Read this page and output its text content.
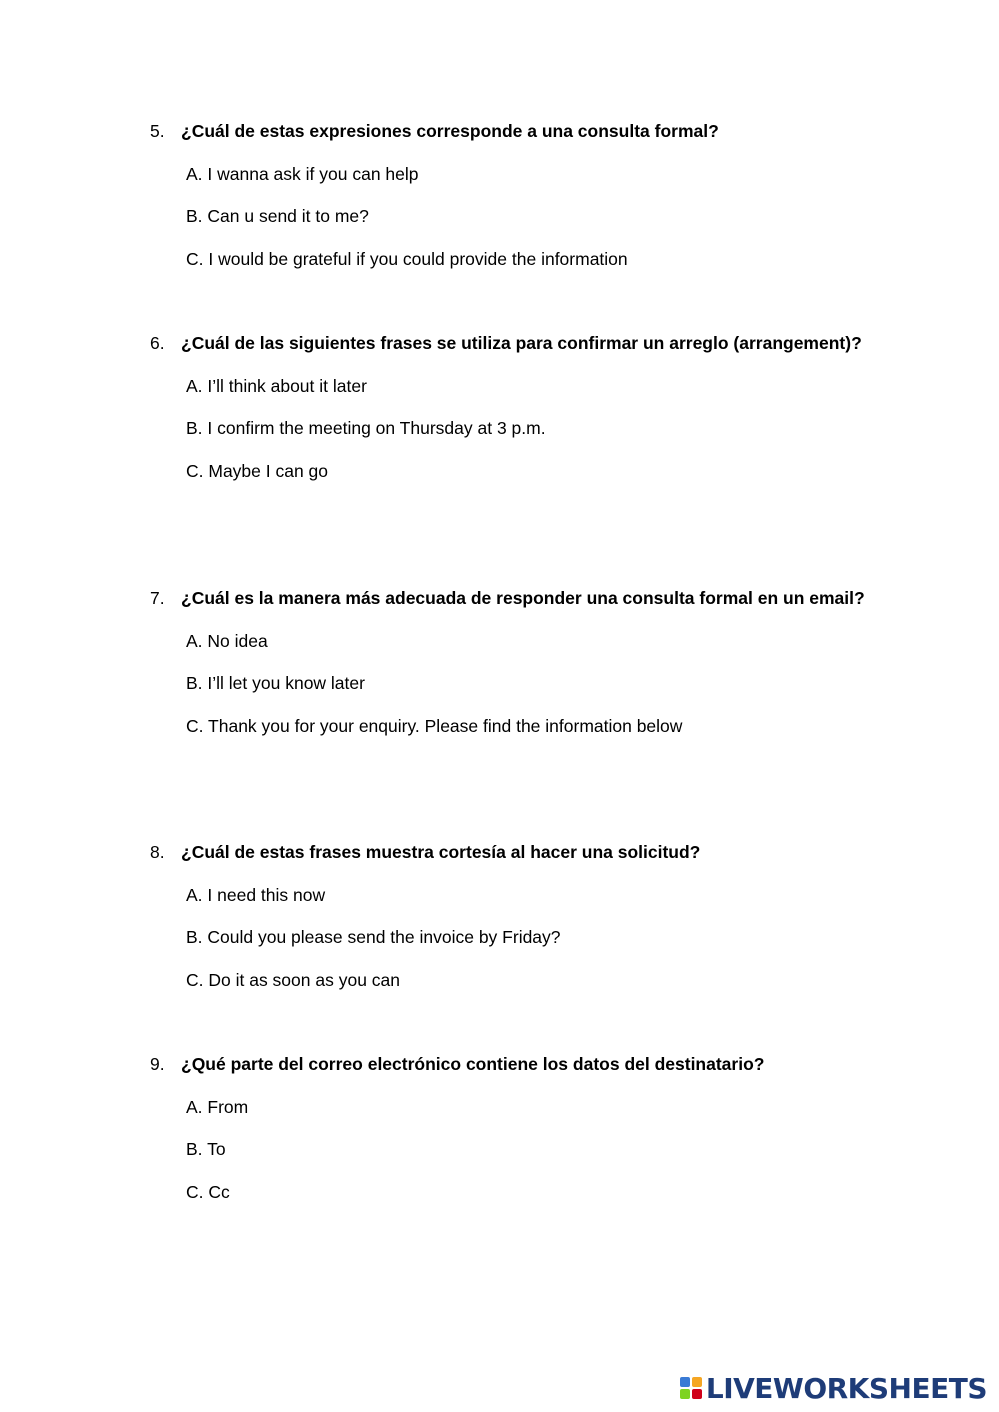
5. ¿Cuál de estas expresiones corresponde a una consulta formal?
A. I wanna ask if you can help
B. Can u send it to me?
C. I would be grateful if you could provide the information
6. ¿Cuál de las siguientes frases se utiliza para confirmar un arreglo (arrangement)?
A. I’ll think about it later
B. I confirm the meeting on Thursday at 3 p.m.
C. Maybe I can go
7. ¿Cuál es la manera más adecuada de responder una consulta formal en un email?
A. No idea
B. I’ll let you know later
C. Thank you for your enquiry. Please find the information below
8. ¿Cuál de estas frases muestra cortesía al hacer una solicitud?
A. I need this now
B. Could you please send the invoice by Friday?
C. Do it as soon as you can
9. ¿Qué parte del correo electrónico contiene los datos del destinatario?
A. From
B. To
C. Cc
LIVEWORKSHEETS
